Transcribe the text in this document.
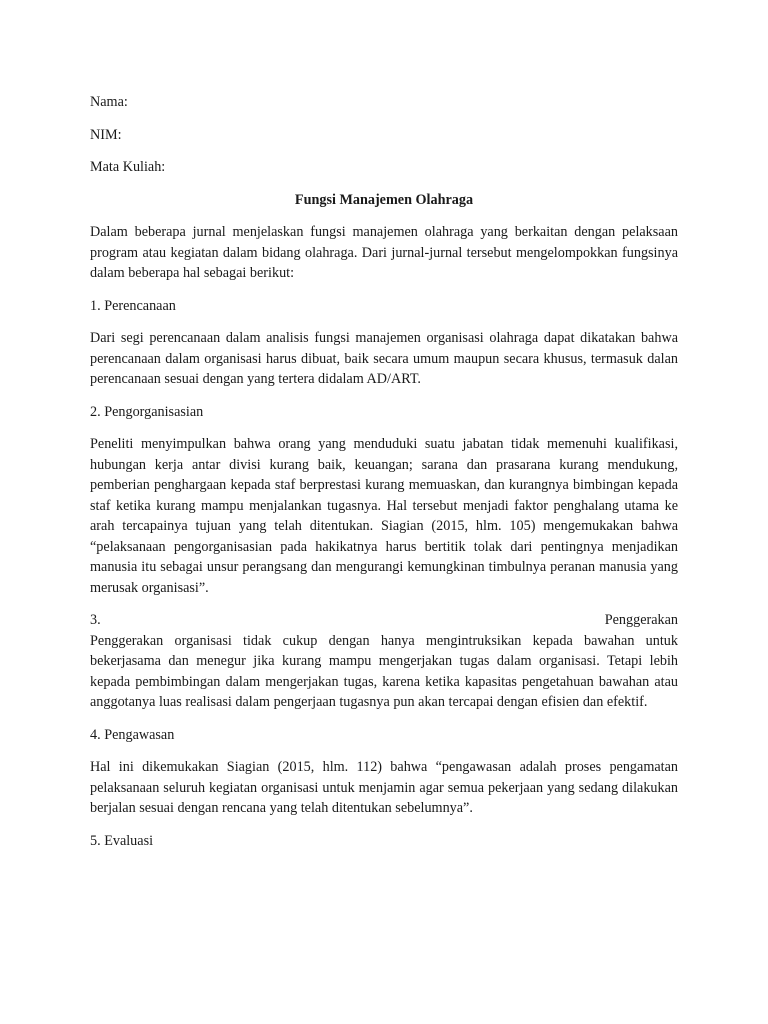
Nama:
NIM:
Mata Kuliah:
Fungsi Manajemen Olahraga
Dalam beberapa jurnal menjelaskan fungsi manajemen olahraga yang berkaitan dengan pelaksaan program atau kegiatan dalam bidang olahraga. Dari jurnal-jurnal tersebut mengelompokkan fungsinya dalam beberapa hal sebagai berikut:
1. Perencanaan
Dari segi perencanaan dalam analisis fungsi manajemen organisasi olahraga dapat dikatakan bahwa perencanaan dalam organisasi harus dibuat, baik secara umum maupun secara khusus, termasuk dalan perencanaan sesuai dengan yang tertera didalam AD/ART.
2. Pengorganisasian
Peneliti menyimpulkan bahwa orang yang menduduki suatu jabatan tidak memenuhi kualifikasi, hubungan kerja antar divisi kurang baik, keuangan; sarana dan prasarana kurang mendukung, pemberian penghargaan kepada staf berprestasi kurang memuaskan, dan kurangnya bimbingan kepada staf ketika kurang mampu menjalankan tugasnya. Hal tersebut menjadi faktor penghalang utama ke arah tercapainya tujuan yang telah ditentukan. Siagian (2015, hlm. 105) mengemukakan bahwa “pelaksanaan pengorganisasian pada hakikatnya harus bertitik tolak dari pentingnya menjadikan manusia itu sebagai unsur perangsang dan mengurangi kemungkinan timbulnya peranan manusia yang merusak organisasi”.
3.	Penggerakan
Penggerakan organisasi tidak cukup dengan hanya mengintruksikan kepada bawahan untuk bekerjasama dan menegur jika kurang mampu mengerjakan tugas dalam organisasi. Tetapi lebih kepada pembimbingan dalam mengerjakan tugas, karena ketika kapasitas pengetahuan bawahan atau anggotanya luas realisasi dalam pengerjaan tugasnya pun akan tercapai dengan efisien dan efektif.
4. Pengawasan
Hal ini dikemukakan Siagian (2015, hlm. 112) bahwa “pengawasan adalah proses pengamatan pelaksanaan seluruh kegiatan organisasi untuk menjamin agar semua pekerjaan yang sedang dilakukan berjalan sesuai dengan rencana yang telah ditentukan sebelumnya”.
5. Evaluasi
